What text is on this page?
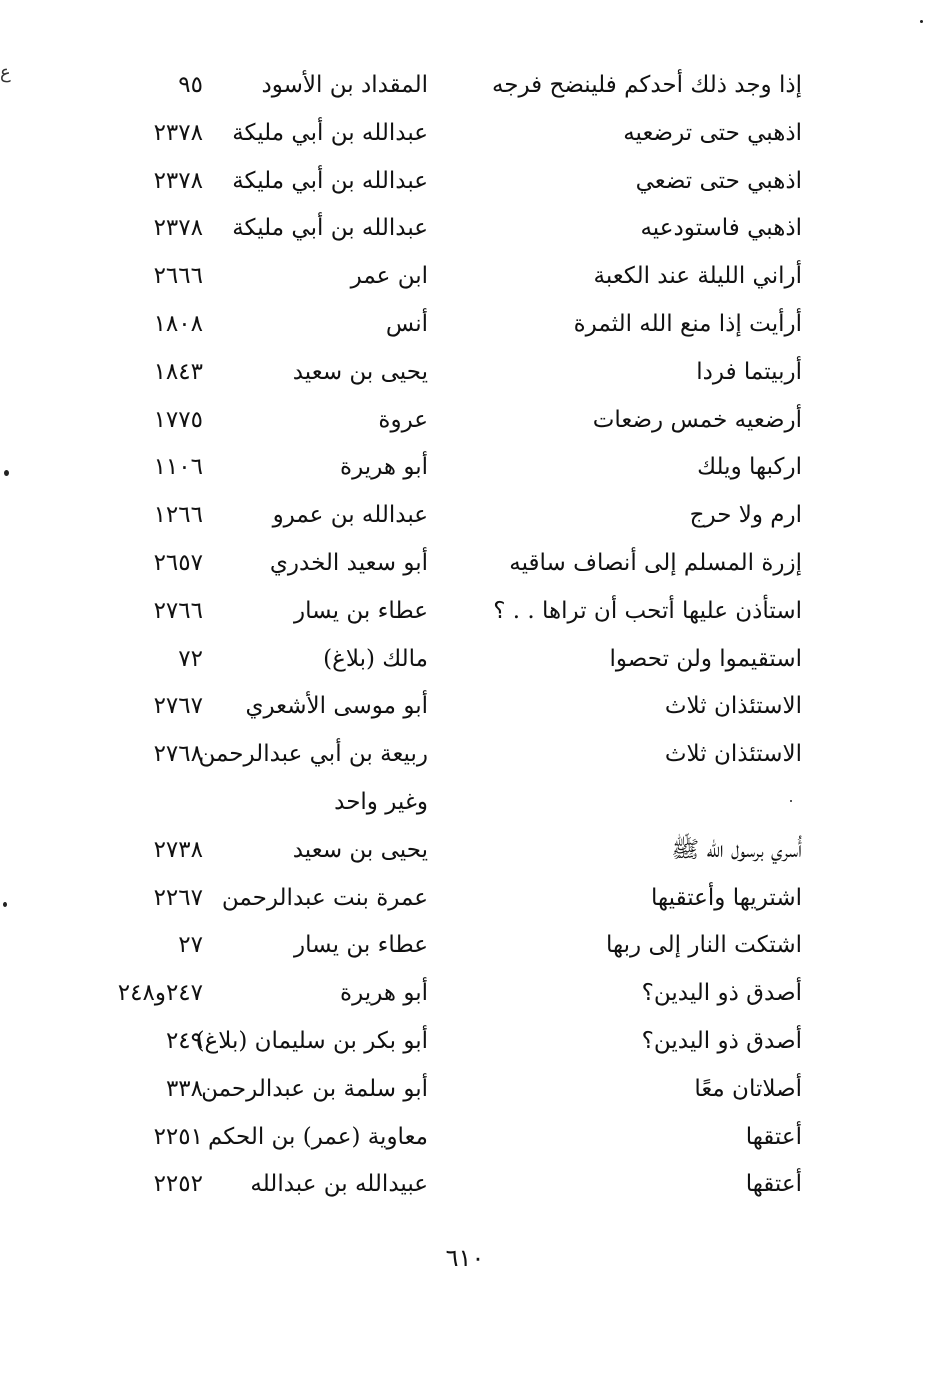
ع	إذا وجد ذلك أحدكم فلينضح فرجه
المقداد بن الأسود
٩٥
اذهبي حتى ترضعيه
عبدالله بن أبي مليكة
٢٣٧٨
اذهبي حتى تضعي
عبدالله بن أبي مليكة
٢٣٧٨
اذهبي فاستودعيه
عبدالله بن أبي مليكة
٢٣٧٨
أراني الليلة عند الكعبة
ابن عمر
٢٦٦٦
أرأيت إذا منع الله الثمرة
أنس
١٨٠٨
أربيتما فردا
يحيى بن سعيد
١٨٤٣
أرضعيه خمس رضعات
عروة
١٧٧٥
اركبها ويلك
أبو هريرة
١١٠٦
ارم ولا حرج
عبدالله بن عمرو
١٢٦٦
إزرة المسلم إلى أنصاف ساقيه
أبو سعيد الخدري
٢٦٥٧
استأذن عليها أتحب أن تراها . . ؟
عطاء بن يسار
٢٧٦٦
استقيموا ولن تحصوا
مالك (بلاغ)
٧٢
الاستئذان ثلاث
أبو موسى الأشعري
٢٧٦٧
الاستئذان ثلاث
ربيعة بن أبي عبدالرحمن
٢٧٦٨
وغير واحد
أُسري برسول الله ﷺ
يحيى بن سعيد
٢٧٣٨
اشتريها وأعتقيها
عمرة بنت عبدالرحمن
٢٢٦٧
اشتكت النار إلى ربها
عطاء بن يسار
٢٧
أصدق ذو اليدين؟
أبو هريرة
٢٤٧و٢٤٨
أصدق ذو اليدين؟
أبو بكر بن سليمان (بلاغ)
٢٤٩
أصلاتان معًا
أبو سلمة بن عبدالرحمن
٣٣٨
أعتقها
معاوية (عمر) بن الحكم
٢٢٥١
أعتقها
عبيدالله بن عبدالله
٢٢٥٢
٦١٠
